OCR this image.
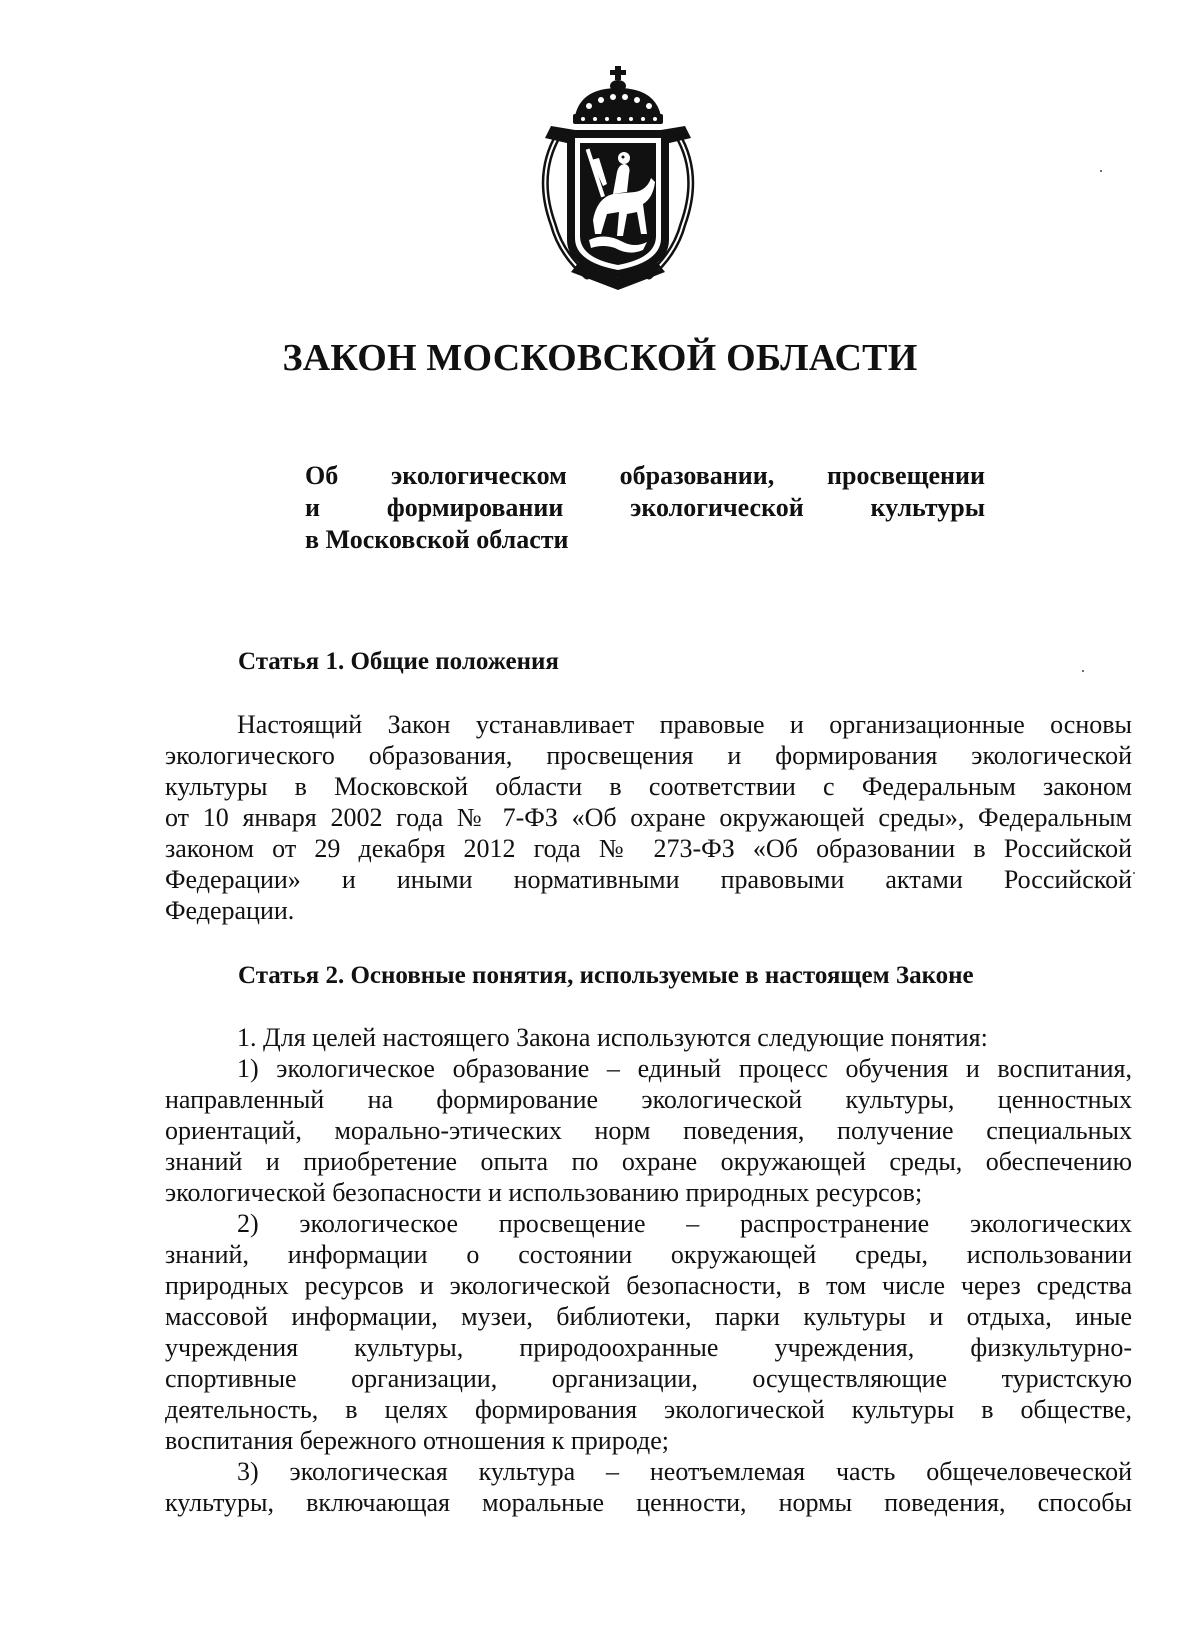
ЗАКОН МОСКОВСКОЙ ОБЛАСТИ
Об экологическом образовании, просвещении
и формировании экологической культуры
в Московской области
Статья 1. Общие положения
Настоящий Закон устанавливает правовые и организационные основы
экологического образования, просвещения и формирования экологической
культуры в Московской области в соответствии с Федеральным законом
от 10 января 2002 года № 7-ФЗ «Об охране окружающей среды», Федеральным
законом от 29 декабря 2012 года № 273-ФЗ «Об образовании в Российской
Федерации» и иными нормативными правовыми актами Российской
Федерации.
Статья 2. Основные понятия, используемые в настоящем Законе
1. Для целей настоящего Закона используются следующие понятия:
1) экологическое образование – единый процесс обучения и воспитания,
направленный на формирование экологической культуры, ценностных
ориентаций, морально-этических норм поведения, получение специальных
знаний и приобретение опыта по охране окружающей среды, обеспечению
экологической безопасности и использованию природных ресурсов;
2) экологическое просвещение – распространение экологических
знаний, информации о состоянии окружающей среды, использовании
природных ресурсов и экологической безопасности, в том числе через средства
массовой информации, музеи, библиотеки, парки культуры и отдыха, иные
учреждения культуры, природоохранные учреждения, физкультурно-
спортивные организации, организации, осуществляющие туристскую
деятельность, в целях формирования экологической культуры в обществе,
воспитания бережного отношения к природе;
3) экологическая культура – неотъемлемая часть общечеловеческой
культуры, включающая моральные ценности, нормы поведения, способы
